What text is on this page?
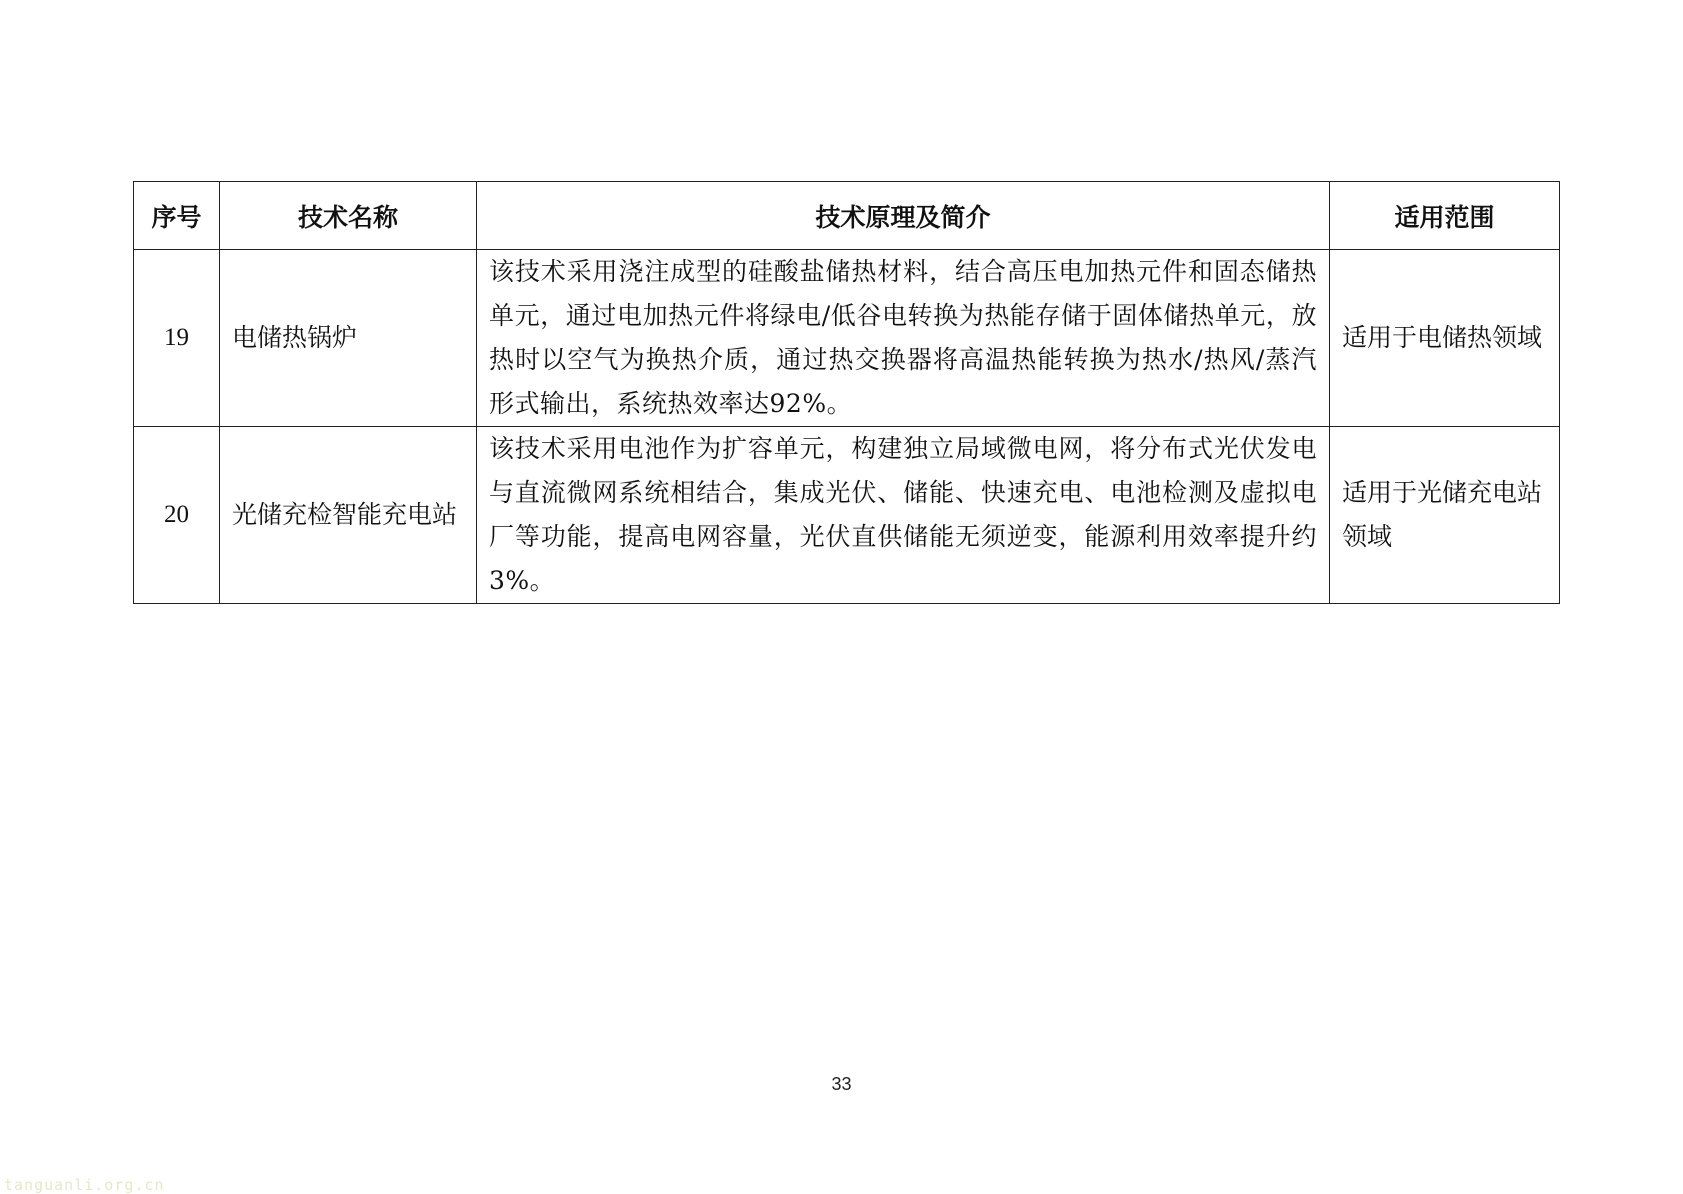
序号	技术名称	技术原理及简介	适用范围
19	电储热锅炉	该技术采用浇注成型的硅酸盐储热材料，结合高压电加热元件和固态储热单元，通过电加热元件将绿电/低谷电转换为热能存储于固体储热单元，放热时以空气为换热介质，通过热交换器将高温热能转换为热水/热风/蒸汽形式输出，系统热效率达92%。	适用于电储热领域
20	光储充检智能充电站	该技术采用电池作为扩容单元，构建独立局域微电网，将分布式光伏发电与直流微网系统相结合，集成光伏、储能、快速充电、电池检测及虚拟电厂等功能，提高电网容量，光伏直供储能无须逆变，能源利用效率提升约3%。	适用于光储充电站领域
33
tanguanli.org.cn
